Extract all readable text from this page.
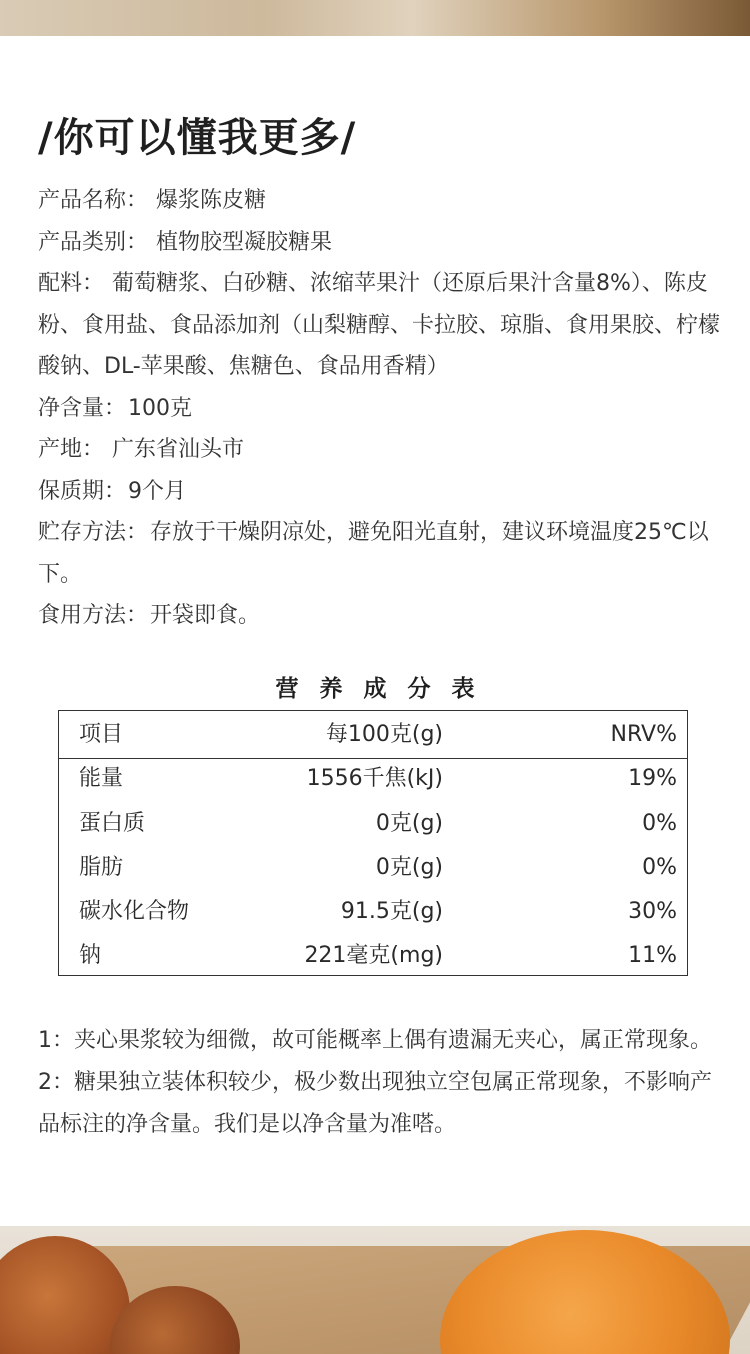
/你可以懂我更多/
产品名称： 爆浆陈皮糖
产品类别： 植物胶型凝胶糖果
配料： 葡萄糖浆、白砂糖、浓缩苹果汁（还原后果汁含量8%）、陈皮粉、食用盐、食品添加剂（山梨糖醇、卡拉胶、琼脂、食用果胶、柠檬酸钠、DL-苹果酸、焦糖色、食品用香精）
净含量：100克
产地： 广东省汕头市
保质期：9个月
贮存方法：存放于干燥阴凉处，避免阳光直射，建议环境温度25℃以下。
食用方法：开袋即食。
营养成分表
项目	每100克(g)	NRV%
能量	1556千焦(kJ)	19%
蛋白质	0克(g)	0%
脂肪	0克(g)	0%
碳水化合物	91.5克(g)	30%
钠	221毫克(mg)	11%
1：夹心果浆较为细微，故可能概率上偶有遗漏无夹心，属正常现象。
2：糖果独立装体积较少，极少数出现独立空包属正常现象，不影响产品标注的净含量。我们是以净含量为准嗒。
